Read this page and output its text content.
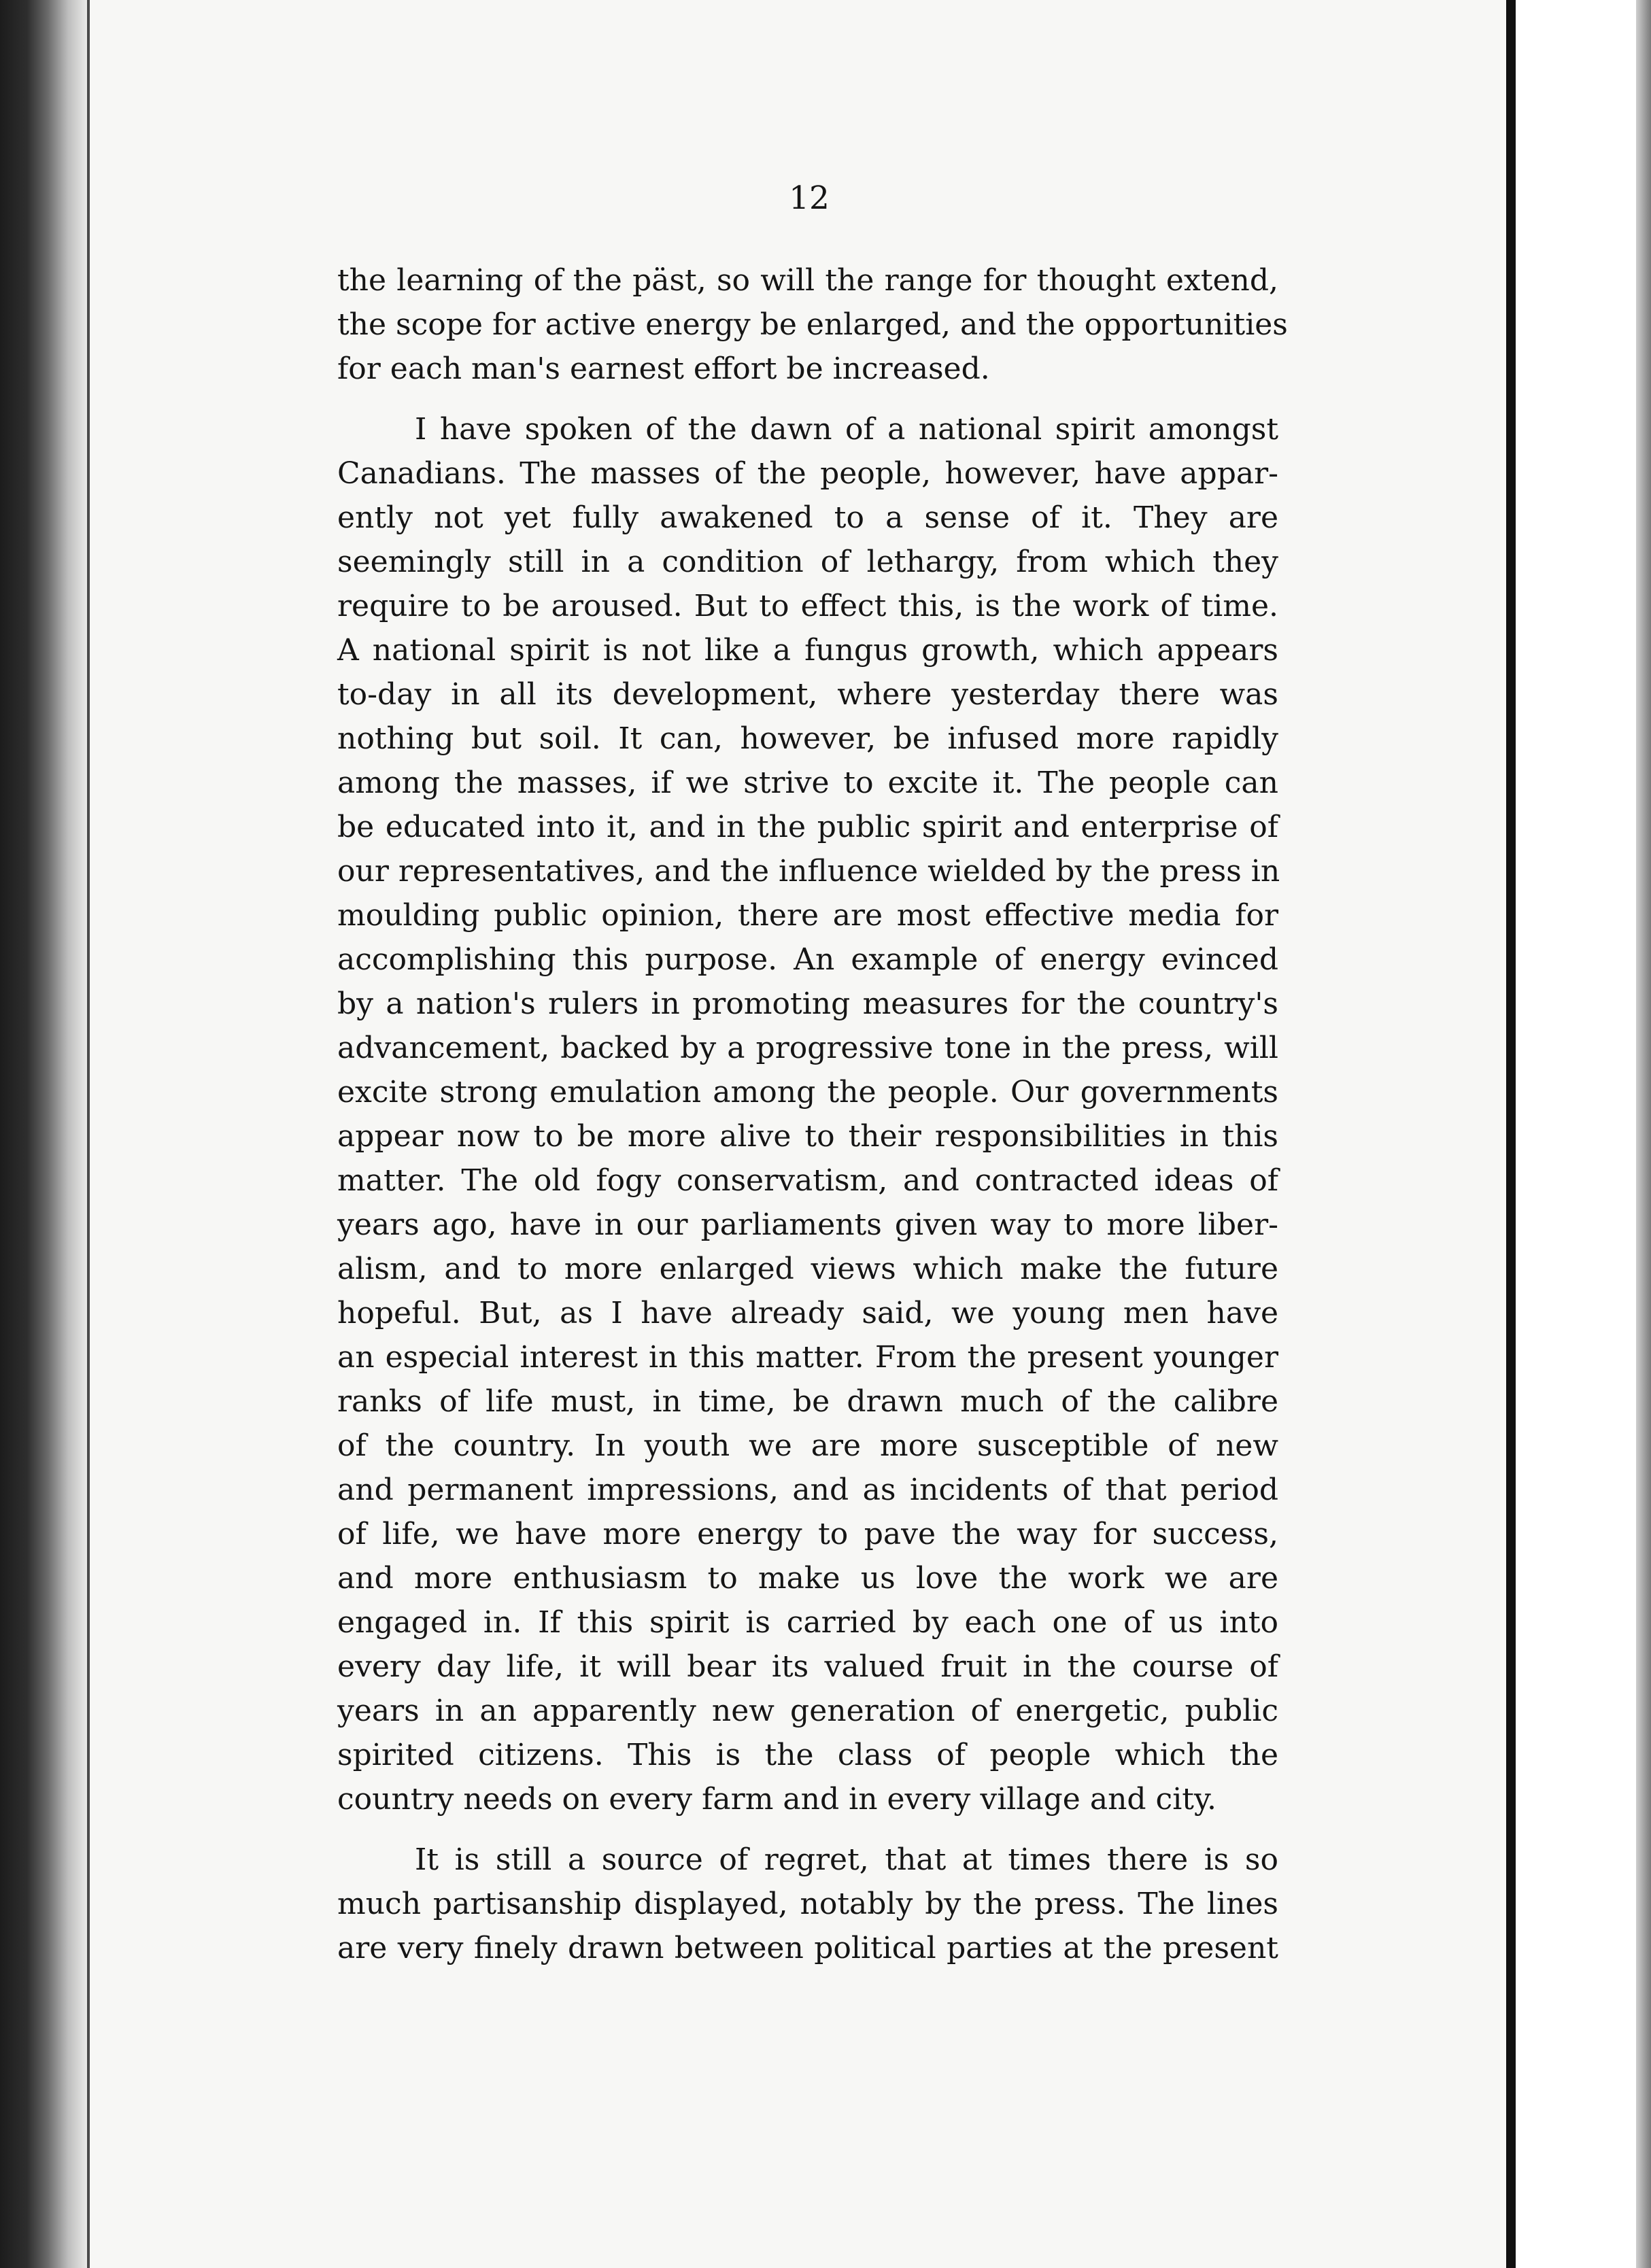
12
the learning of the päst, so will the range for thought extend,
the scope for active energy be enlarged, and the opportunities
for each man's earnest effort be increased.
I have spoken of the dawn of a national spirit amongst
Canadians. The masses of the people, however, have appar-
ently not yet fully awakened to a sense of it. They are
seemingly still in a condition of lethargy, from which they
require to be aroused. But to effect this, is the work of time.
A national spirit is not like a fungus growth, which appears
to-day in all its development, where yesterday there was
nothing but soil. It can, however, be infused more rapidly
among the masses, if we strive to excite it. The people can
be educated into it, and in the public spirit and enterprise of
our representatives, and the influence wielded by the press in
moulding public opinion, there are most effective media for
accomplishing this purpose. An example of energy evinced
by a nation's rulers in promoting measures for the country's
advancement, backed by a progressive tone in the press, will
excite strong emulation among the people. Our governments
appear now to be more alive to their responsibilities in this
matter. The old fogy conservatism, and contracted ideas of
years ago, have in our parliaments given way to more liber-
alism, and to more enlarged views which make the future
hopeful. But, as I have already said, we young men have
an especial interest in this matter. From the present younger
ranks of life must, in time, be drawn much of the calibre
of the country. In youth we are more susceptible of new
and permanent impressions, and as incidents of that period
of life, we have more energy to pave the way for success,
and more enthusiasm to make us love the work we are
engaged in. If this spirit is carried by each one of us into
every day life, it will bear its valued fruit in the course of
years in an apparently new generation of energetic, public
spirited citizens. This is the class of people which the
country needs on every farm and in every village and city.
It is still a source of regret, that at times there is so
much partisanship displayed, notably by the press. The lines
are very finely drawn between political parties at the present
